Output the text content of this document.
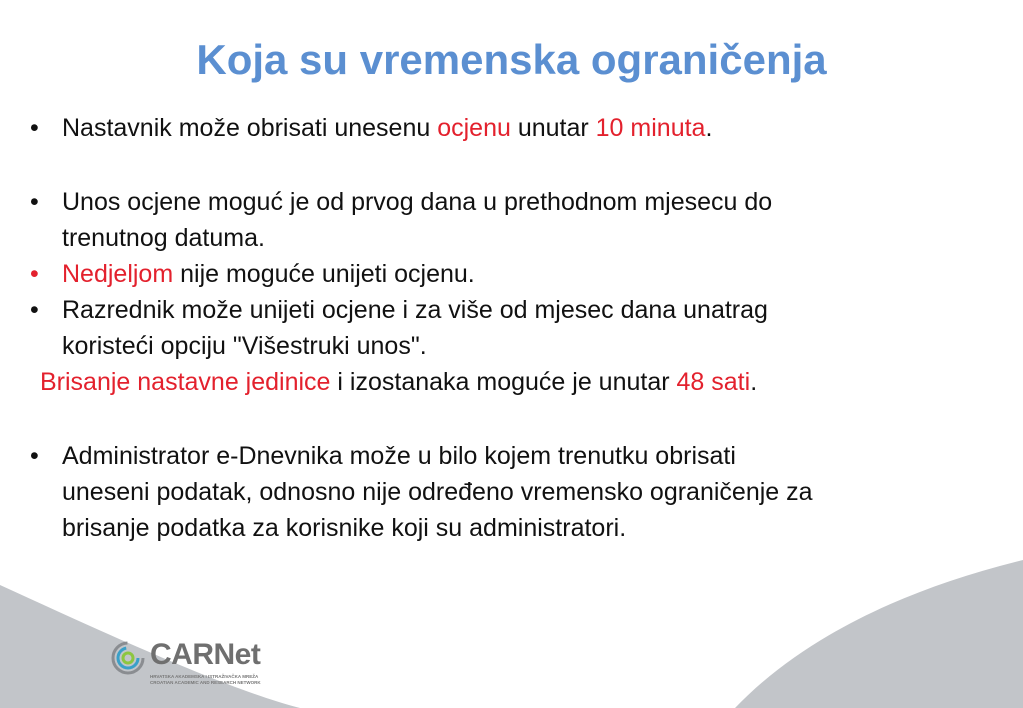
Koja su vremenska ograničenja
• Nastavnik može obrisati unesenu ocjenu unutar 10 minuta.
• Unos ocjene moguć je od prvog dana u prethodnom mjesecu do
trenutnog datuma.
• Nedjeljom nije moguće unijeti ocjenu.
• Razrednik može unijeti ocjene i za više od mjesec dana unatrag
koristeći opciju "Višestruki unos".
Brisanje nastavne jedinice i izostanaka moguće je unutar 48 sati.
• Administrator e-Dnevnika može u bilo kojem trenutku obrisati
uneseni podatak, odnosno nije određeno vremensko ograničenje za
brisanje podatka za korisnike koji su administratori.
CARNet
HRVATSKA AKADEMSKA I ISTRAŽIVAČKA MREŽA
CROATIAN ACADEMIC AND RESEARCH NETWORK
